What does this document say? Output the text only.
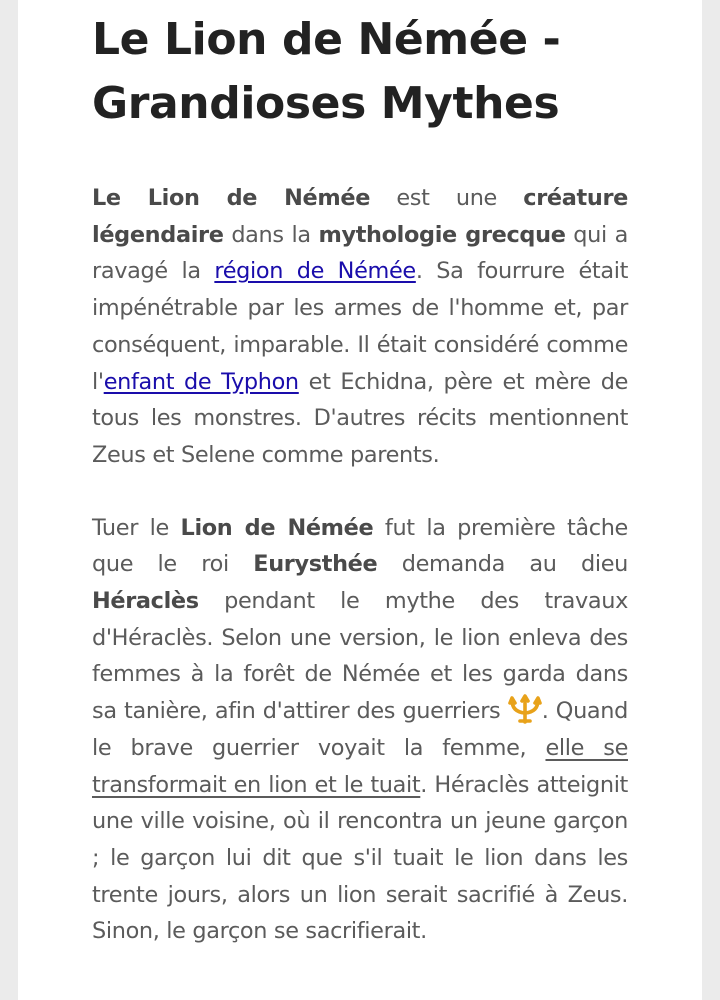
Le Lion de Némée - Grandioses Mythes

Le Lion de Némée est une créature légendaire dans la mythologie grecque qui a ravagé la région de Némée. Sa fourrure était impénétrable par les armes de l'homme et, par conséquent, imparable. Il était considéré comme l'enfant de Typhon et Echidna, père et mère de tous les monstres. D'autres récits mentionnent Zeus et Selene comme parents.

Tuer le Lion de Némée fut la première tâche que le roi Eurysthée demanda au dieu Héraclès pendant le mythe des travaux d'Héraclès. Selon une version, le lion enleva des femmes à la forêt de Némée et les garda dans sa tanière, afin d'attirer des guerriers . Quand le brave guerrier voyait la femme, elle se transformait en lion et le tuait. Héraclès atteignit une ville voisine, où il rencontra un jeune garçon ; le garçon lui dit que s'il tuait le lion dans les trente jours, alors un lion serait sacrifié à Zeus. Sinon, le garçon se sacrifierait.
